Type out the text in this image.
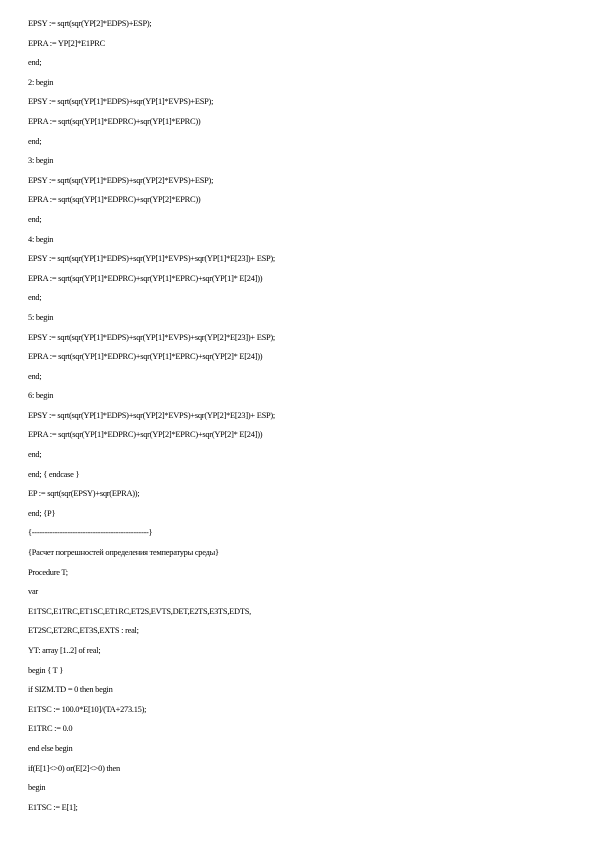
EPSY := sqrt(sqr(YP[2]*EDPS)+ESP);
EPRA := YP[2]*E1PRC
end;
2: begin
EPSY := sqrt(sqr(YP[1]*EDPS)+sqr(YP[1]*EVPS)+ESP);
EPRA := sqrt(sqr(YP[1]*EDPRC)+sqr(YP[1]*EPRC))
end;
3: begin
EPSY := sqrt(sqr(YP[1]*EDPS)+sqr(YP[2]*EVPS)+ESP);
EPRA := sqrt(sqr(YP[1]*EDPRC)+sqr(YP[2]*EPRC))
end;
4: begin
EPSY := sqrt(sqr(YP[1]*EDPS)+sqr(YP[1]*EVPS)+sqr(YP[1]*E[23])+ ESP);
EPRA := sqrt(sqr(YP[1]*EDPRC)+sqr(YP[1]*EPRC)+sqr(YP[1]* E[24]))
end;
5: begin
EPSY := sqrt(sqr(YP[1]*EDPS)+sqr(YP[1]*EVPS)+sqr(YP[2]*E[23])+ ESP);
EPRA := sqrt(sqr(YP[1]*EDPRC)+sqr(YP[1]*EPRC)+sqr(YP[2]* E[24]))
end;
6: begin
EPSY := sqrt(sqr(YP[1]*EDPS)+sqr(YP[2]*EVPS)+sqr(YP[2]*E[23])+ ESP);
EPRA := sqrt(sqr(YP[1]*EDPRC)+sqr(YP[2]*EPRC)+sqr(YP[2]* E[24]))
end;
end; { endcase }
EP := sqrt(sqr(EPSY)+sqr(EPRA));
end; {P}
{----------------------------------------------}
{Расчет погрешностей определения температуры среды}
Procedure T;
var
E1TSC,E1TRC,ET1SC,ET1RC,ET2S,EVTS,DET,E2TS,E3TS,EDTS,
ET2SC,ET2RC,ET3S,EXTS : real;
YT: array [1..2] of real;
begin { T }
if SIZM.TD = 0 then begin
E1TSC := 100.0*E[10]/(TA+273.15);
E1TRC := 0.0
end else begin
if(E[1]<>0) or(E[2]<>0) then
begin
E1TSC := E[1];
